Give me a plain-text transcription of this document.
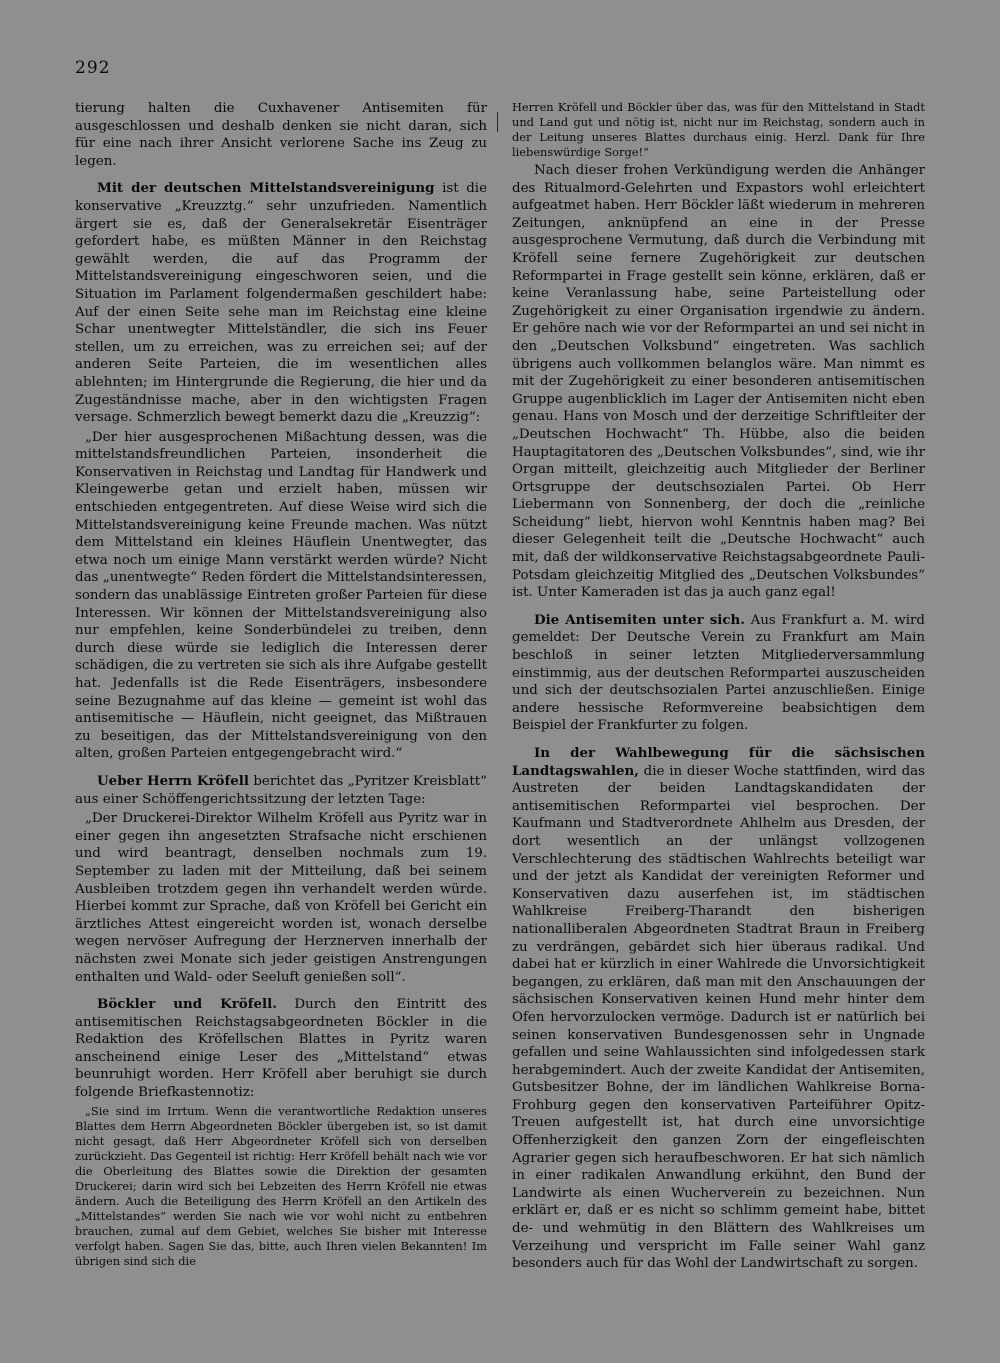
292

tierung halten die Cuxhavener Antisemiten für ausgeschlossen und deshalb denken sie nicht daran, sich für eine nach ihrer Ansicht verlorene Sache ins Zeug zu legen.

Mit der deutschen Mittelstandsvereinigung ist die konservative „Kreuzztg.“ sehr unzufrieden. Namentlich ärgert sie es, daß der Generalsekretär Eisenträger gefordert habe, es müßten Männer in den Reichstag gewählt werden, die auf das Programm der Mittelstandsvereinigung eingeschworen seien, und die Situation im Parlament folgendermaßen geschildert habe: Auf der einen Seite sehe man im Reichstag eine kleine Schar unentwegter Mittelständler, die sich ins Feuer stellen, um zu erreichen, was zu erreichen sei; auf der anderen Seite Parteien, die im wesentlichen alles ablehnten; im Hintergrunde die Regierung, die hier und da Zugeständnisse mache, aber in den wichtigsten Fragen versage. Schmerzlich bewegt bemerkt dazu die „Kreuzzig“:

„Der hier ausgesprochenen Mißachtung dessen, was die mittelstandsfreundlichen Parteien, insonderheit die Konservativen in Reichstag und Landtag für Handwerk und Kleingewerbe getan und erzielt haben, müssen wir entschieden entgegentreten. Auf diese Weise wird sich die Mittelstandsvereinigung keine Freunde machen. Was nützt dem Mittelstand ein kleines Häuflein Unentwegter, das etwa noch um einige Mann verstärkt werden würde? Nicht das „unentwegte“ Reden fördert die Mittelstandsinteressen, sondern das unablässige Eintreten großer Parteien für diese Interessen. Wir können der Mittelstandsvereinigung also nur empfehlen, keine Sonderbündelei zu treiben, denn durch diese würde sie lediglich die Interessen derer schädigen, die zu vertreten sie sich als ihre Aufgabe gestellt hat. Jedenfalls ist die Rede Eisenträgers, insbesondere seine Bezugnahme auf das kleine — gemeint ist wohl das antisemitische — Häuflein, nicht geeignet, das Mißtrauen zu beseitigen, das der Mittelstandsvereinigung von den alten, großen Parteien entgegengebracht wird.“

Ueber Herrn Kröfell berichtet das „Pyritzer Kreisblatt“ aus einer Schöffengerichtssitzung der letzten Tage:

„Der Druckerei-Direktor Wilhelm Kröfell aus Pyritz war in einer gegen ihn angesetzten Strafsache nicht erschienen und wird beantragt, denselben nochmals zum 19. September zu laden mit der Mitteilung, daß bei seinem Ausbleiben trotzdem gegen ihn verhandelt werden würde. Hierbei kommt zur Sprache, daß von Kröfell bei Gericht ein ärztliches Attest eingereicht worden ist, wonach derselbe wegen nervöser Aufregung der Herznerven innerhalb der nächsten zwei Monate sich jeder geistigen Anstrengungen enthalten und Wald- oder Seeluft genießen soll“.

Böckler und Kröfell. Durch den Eintritt des antisemitischen Reichstagsabgeordneten Böckler in die Redaktion des Kröfellschen Blattes in Pyritz waren anscheinend einige Leser des „Mittelstand“ etwas beunruhigt worden. Herr Kröfell aber beruhigt sie durch folgende Briefkastennotiz:

„Sie sind im Irrtum. Wenn die verantwortliche Redaktion unseres Blattes dem Herrn Abgeordneten Böckler übergeben ist, so ist damit nicht gesagt, daß Herr Abgeordneter Kröfell sich von derselben zurückzieht. Das Gegenteil ist richtig: Herr Kröfell behält nach wie vor die Oberleitung des Blattes sowie die Direktion der gesamten Druckerei; darin wird sich bei Lebzeiten des Herrn Kröfell nie etwas ändern. Auch die Beteiligung des Herrn Kröfell an den Artikeln des „Mittelstandes“ werden Sie nach wie vor wohl nicht zu entbehren brauchen, zumal auf dem Gebiet, welches Sie bisher mit Interesse verfolgt haben. Sagen Sie das, bitte, auch Ihren vielen Bekannten! Im übrigen sind sich die

Herren Kröfell und Böckler über das, was für den Mittelstand in Stadt und Land gut und nötig ist, nicht nur im Reichstag, sondern auch in der Leitung unseres Blattes durchaus einig. Herzl. Dank für Ihre liebenswürdige Sorge!“

Nach dieser frohen Verkündigung werden die Anhänger des Ritualmord-Gelehrten und Expastors wohl erleichtert aufgeatmet haben. Herr Böckler läßt wiederum in mehreren Zeitungen, anknüpfend an eine in der Presse ausgesprochene Vermutung, daß durch die Verbindung mit Kröfell seine fernere Zugehörigkeit zur deutschen Reformpartei in Frage gestellt sein könne, erklären, daß er keine Veranlassung habe, seine Parteistellung oder Zugehörigkeit zu einer Organisation irgendwie zu ändern. Er gehöre nach wie vor der Reformpartei an und sei nicht in den „Deutschen Volksbund“ eingetreten. Was sachlich übrigens auch vollkommen belanglos wäre. Man nimmt es mit der Zugehörigkeit zu einer besonderen antisemitischen Gruppe augenblicklich im Lager der Antisemiten nicht eben genau. Hans von Mosch und der derzeitige Schriftleiter der „Deutschen Hochwacht“ Th. Hübbe, also die beiden Hauptagitatoren des „Deutschen Volksbundes“, sind, wie ihr Organ mitteilt, gleichzeitig auch Mitglieder der Berliner Ortsgruppe der deutschsozialen Partei. Ob Herr Liebermann von Sonnenberg, der doch die „reinliche Scheidung“ liebt, hiervon wohl Kenntnis haben mag? Bei dieser Gelegenheit teilt die „Deutsche Hochwacht“ auch mit, daß der wildkonservative Reichstagsabgeordnete Pauli-Potsdam gleichzeitig Mitglied des „Deutschen Volksbundes“ ist. Unter Kameraden ist das ja auch ganz egal!

Die Antisemiten unter sich. Aus Frankfurt a. M. wird gemeldet: Der Deutsche Verein zu Frankfurt am Main beschloß in seiner letzten Mitgliederversammlung einstimmig, aus der deutschen Reformpartei auszuscheiden und sich der deutschsozialen Partei anzuschließen. Einige andere hessische Reformvereine beabsichtigen dem Beispiel der Frankfurter zu folgen.

In der Wahlbewegung für die sächsischen Landtagswahlen, die in dieser Woche stattfinden, wird das Austreten der beiden Landtagskandidaten der antisemitischen Reformpartei viel besprochen. Der Kaufmann und Stadtverordnete Ahlhelm aus Dresden, der dort wesentlich an der unlängst vollzogenen Verschlechterung des städtischen Wahlrechts beteiligt war und der jetzt als Kandidat der vereinigten Reformer und Konservativen dazu auserfehen ist, im städtischen Wahlkreise Freiberg-Tharandt den bisherigen nationalliberalen Abgeordneten Stadtrat Braun in Freiberg zu verdrängen, gebärdet sich hier überaus radikal. Und dabei hat er kürzlich in einer Wahlrede die Unvorsichtigkeit begangen, zu erklären, daß man mit den Anschauungen der sächsischen Konservativen keinen Hund mehr hinter dem Ofen hervorzulocken vermöge. Dadurch ist er natürlich bei seinen konservativen Bundesgenossen sehr in Ungnade gefallen und seine Wahlaussichten sind infolgedessen stark herabgemindert. Auch der zweite Kandidat der Antisemiten, Gutsbesitzer Bohne, der im ländlichen Wahlkreise Borna-Frohburg gegen den konservativen Parteiführer Opitz-Treuen aufgestellt ist, hat durch eine unvorsichtige Offenherzigkeit den ganzen Zorn der eingefleischten Agrarier gegen sich heraufbeschworen. Er hat sich nämlich in einer radikalen Anwandlung erkühnt, den Bund der Landwirte als einen Wucherverein zu bezeichnen. Nun erklärt er, daß er es nicht so schlimm gemeint habe, bittet de- und wehmütig in den Blättern des Wahlkreises um Verzeihung und verspricht im Falle seiner Wahl ganz besonders auch für das Wohl der Landwirtschaft zu sorgen.
